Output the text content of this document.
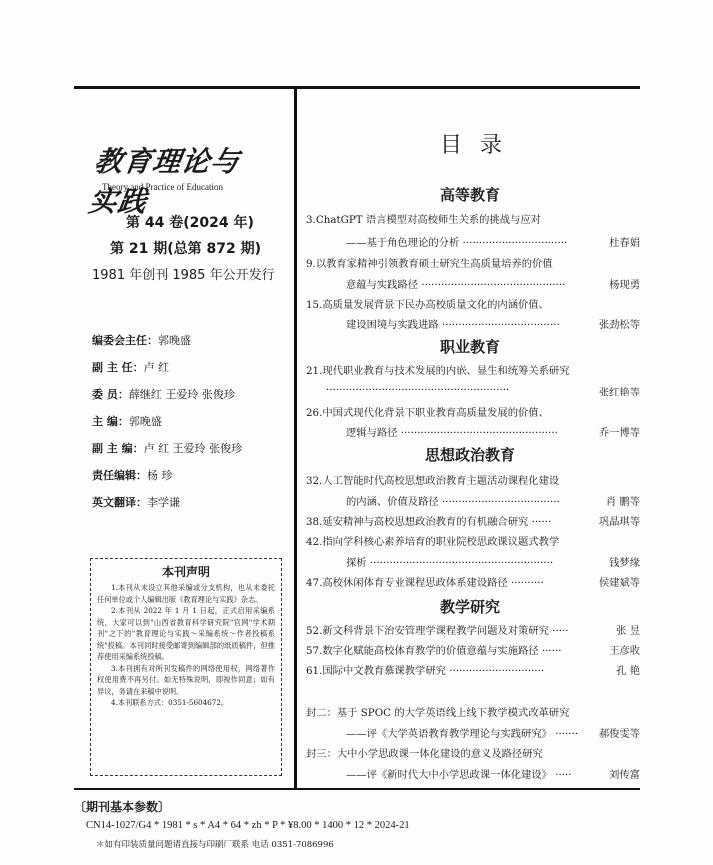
教育理论与实践
Theory and Practice of Education
第 44 卷(2024 年)
第 21 期(总第 872 期)
1981 年创刊 1985 年公开发行
编委会主任：郭晚盛
副 主 任：卢 红
委 员：薛继红 王爱玲 张俊珍
主 编：郭晚盛
副 主 编：卢 红 王爱玲 张俊珍
责任编辑：杨 珍
英文翻译：李学谦
本刊声明

1.本刊从未设立其他采编或分支机构，也从未委托任何单位或个人编辑出版《教育理论与实践》杂志。

2.本刊从 2022 年 1 月 1 日起，正式启用采编系统，大家可以到"山西省教育科学研究院"官网"学术期刊"之下的"教育理论与实践～采编系统～作者投稿系统"投稿。本刊同时接受邮寄到编辑部的纸质稿件，但推荐使用采编系统投稿。

3.本刊拥有对所刊发稿件的网络使用权，网络著作权使用费不再另付。如无特殊说明，即视作同意；如有异议，务请在来稿中说明。

4.本刊联系方式：0351-5604672。

目录
高等教育
3.ChatGPT 语言模型对高校师生关系的挑战与应对
——基于角色理论的分析 ································	杜春娟
9.以教育家精神引领教育硕士研究生高质量培养的价值
意蕴与实践路径 ············································	杨现勇
15.高质量发展背景下民办高校质量文化的内涵价值、
建设困境与实践进路 ····································	张劲松等
职业教育
21.现代职业教育与技术发展的内嵌、显生和统筹关系研究
························································	张红艳等
26.中国式现代化背景下职业教育高质量发展的价值、
逻辑与路径 ················································	乔一博等
思想政治教育
32.人工智能时代高校思想政治教育主题活动课程化建设
的内涵、价值及路径 ····································	肖 鹏等
38.延安精神与高校思想政治教育的有机融合研究 ······	巩晶琪等
42.指向学科核心素养培育的职业院校思政课议题式教学
探析 ························································	钱梦缘
47.高校休闲体育专业课程思政体系建设路径 ··········	侯建斌等
教学研究
52.新文科背景下治安管理学课程教学问题及对策研究 ·····	张 昱
57.数字化赋能高校体育教学的价值意蕴与实施路径 ······	王彦收
61.国际中文教育慕课教学研究 ·····························	孔 艳
封二：基于 SPOC 的大学英语线上线下教学模式改革研究
——评《大学英语教育教学理论与实践研究》 ······· 郝俊雯等
封三：大中小学思政课一体化建设的意义及路径研究
——评《新时代大中小学思政课一体化建设》 ·····	刘传富
〔期刊基本参数〕
CN14-1027/G4 * 1981 * s * A4 * 64 * zh * P * ¥8.00 * 1400 * 12 * 2024-21
＊如有印装质量问题请直接与印刷厂联系 电话 0351-7086996
